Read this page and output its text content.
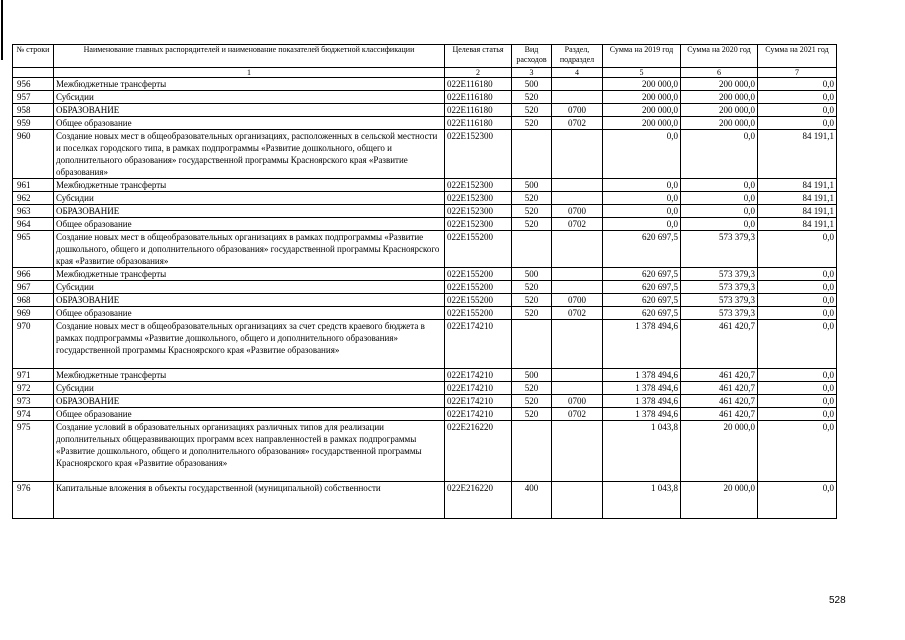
№ строки	Наименование главных распорядителей и наименование показателей бюджетной классификации	Целевая статья	Вид расходов	Раздел, подраздел	Сумма на 2019 год	Сумма на 2020 год	Сумма на 2021 год
	1	2	3	4	5	6	7
956	Межбюджетные трансферты	022E116180	500		200 000,0	200 000,0	0,0
957	Субсидии	022E116180	520		200 000,0	200 000,0	0,0
958	ОБРАЗОВАНИЕ	022E116180	520	0700	200 000,0	200 000,0	0,0
959	Общее образование	022E116180	520	0702	200 000,0	200 000,0	0,0
960	Создание новых мест в общеобразовательных организациях, расположенных в сельской местности и поселках городского типа, в рамках подпрограммы «Развитие дошкольного, общего и дополнительного образования» государственной программы Красноярского края «Развитие образования»	022E152300			0,0	0,0	84 191,1
961	Межбюджетные трансферты	022E152300	500		0,0	0,0	84 191,1
962	Субсидии	022E152300	520		0,0	0,0	84 191,1
963	ОБРАЗОВАНИЕ	022E152300	520	0700	0,0	0,0	84 191,1
964	Общее образование	022E152300	520	0702	0,0	0,0	84 191,1
965	Создание новых мест в общеобразовательных организациях в рамках подпрограммы «Развитие дошкольного, общего и дополнительного образования» государственной программы Красноярского края «Развитие образования»	022E155200			620 697,5	573 379,3	0,0
966	Межбюджетные трансферты	022E155200	500		620 697,5	573 379,3	0,0
967	Субсидии	022E155200	520		620 697,5	573 379,3	0,0
968	ОБРАЗОВАНИЕ	022E155200	520	0700	620 697,5	573 379,3	0,0
969	Общее образование	022E155200	520	0702	620 697,5	573 379,3	0,0
970	Создание новых мест в общеобразовательных организациях за счет средств краевого бюджета в рамках подпрограммы «Развитие дошкольного, общего и дополнительного образования» государственной программы Красноярского края «Развитие образования»	022E174210			1 378 494,6	461 420,7	0,0
971	Межбюджетные трансферты	022E174210	500		1 378 494,6	461 420,7	0,0
972	Субсидии	022E174210	520		1 378 494,6	461 420,7	0,0
973	ОБРАЗОВАНИЕ	022E174210	520	0700	1 378 494,6	461 420,7	0,0
974	Общее образование	022E174210	520	0702	1 378 494,6	461 420,7	0,0
975	Создание условий в образовательных организациях различных типов для реализации дополнительных общеразвивающих программ всех направленностей в рамках подпрограммы «Развитие дошкольного, общего и дополнительного образования» государственной программы Красноярского края «Развитие образования»	022E216220			1 043,8	20 000,0	0,0
976	Капитальные вложения в объекты государственной (муниципальной) собственности	022E216220	400		1 043,8	20 000,0	0,0
528
